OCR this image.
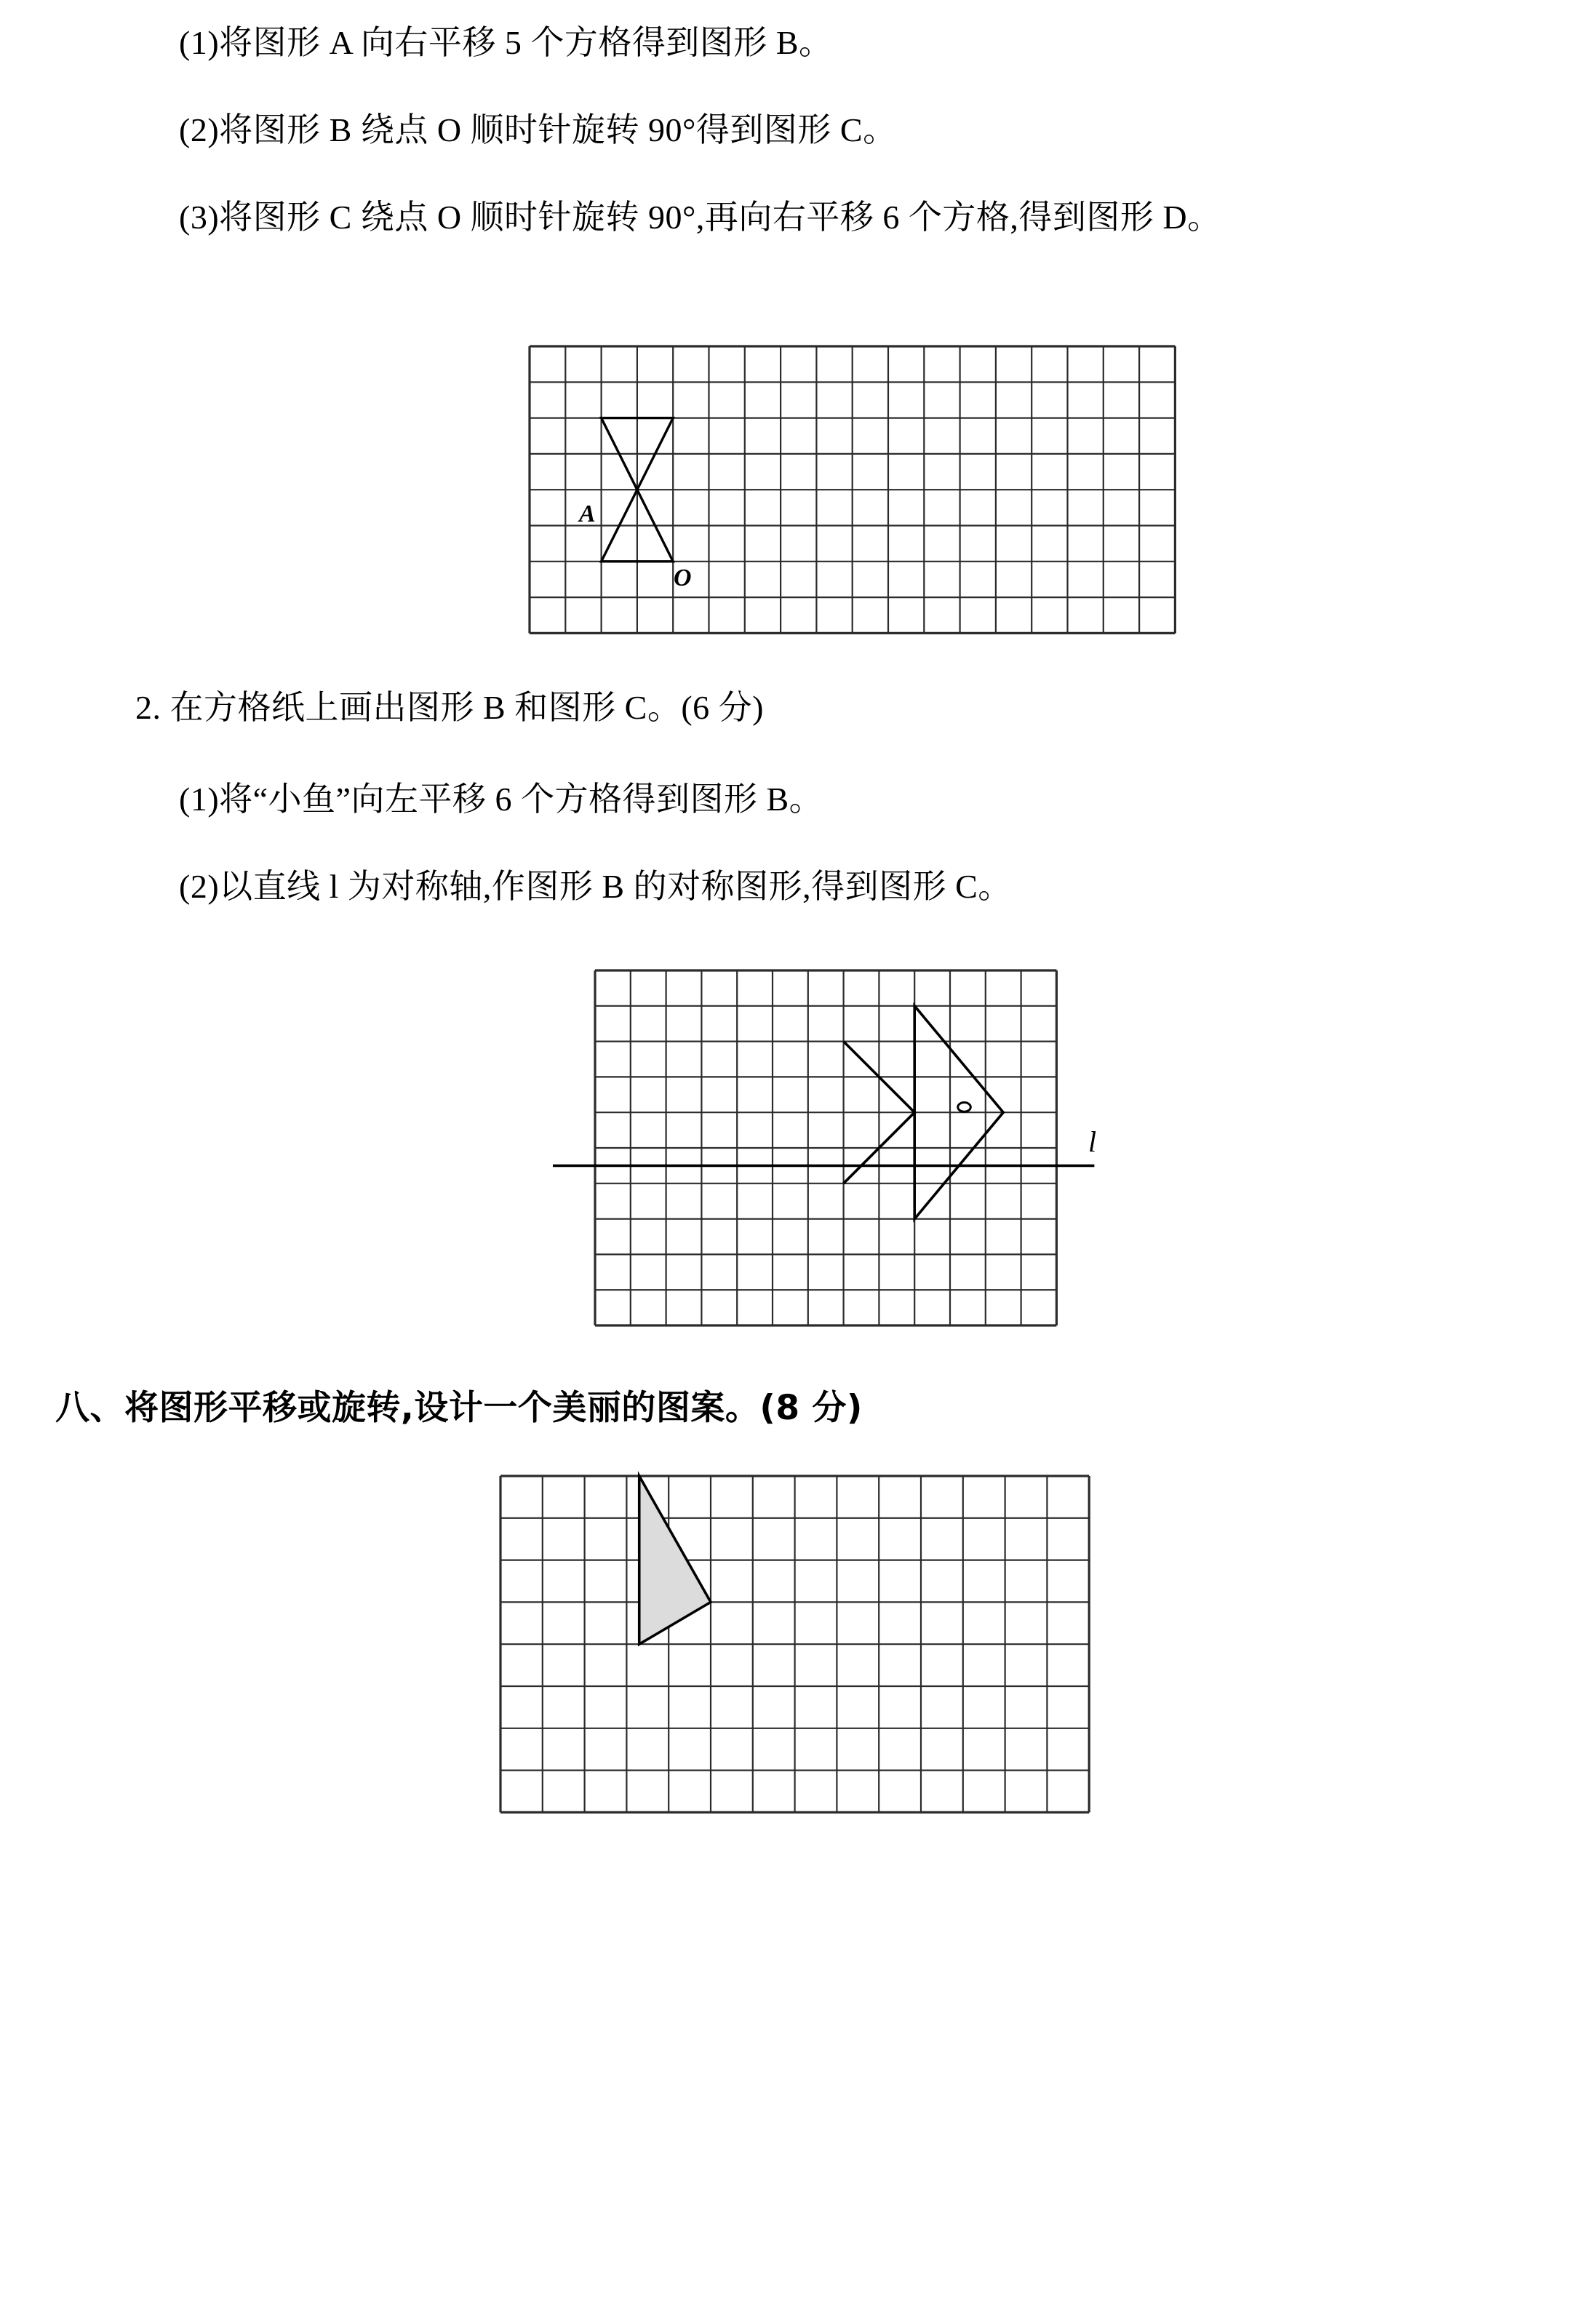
(1)将图形 A 向右平移 5 个方格得到图形 B。
(2)将图形 B 绕点 O 顺时针旋转 90°得到图形 C。
(3)将图形 C 绕点 O 顺时针旋转 90°,再向右平移 6 个方格,得到图形 D。
A
O
2. 在方格纸上画出图形 B 和图形 C。(6 分)
(1)将“小鱼”向左平移 6 个方格得到图形 B。
(2)以直线 l 为对称轴,作图形 B 的对称图形,得到图形 C。
l
八、将图形平移或旋转,设计一个美丽的图案。(8 分)
